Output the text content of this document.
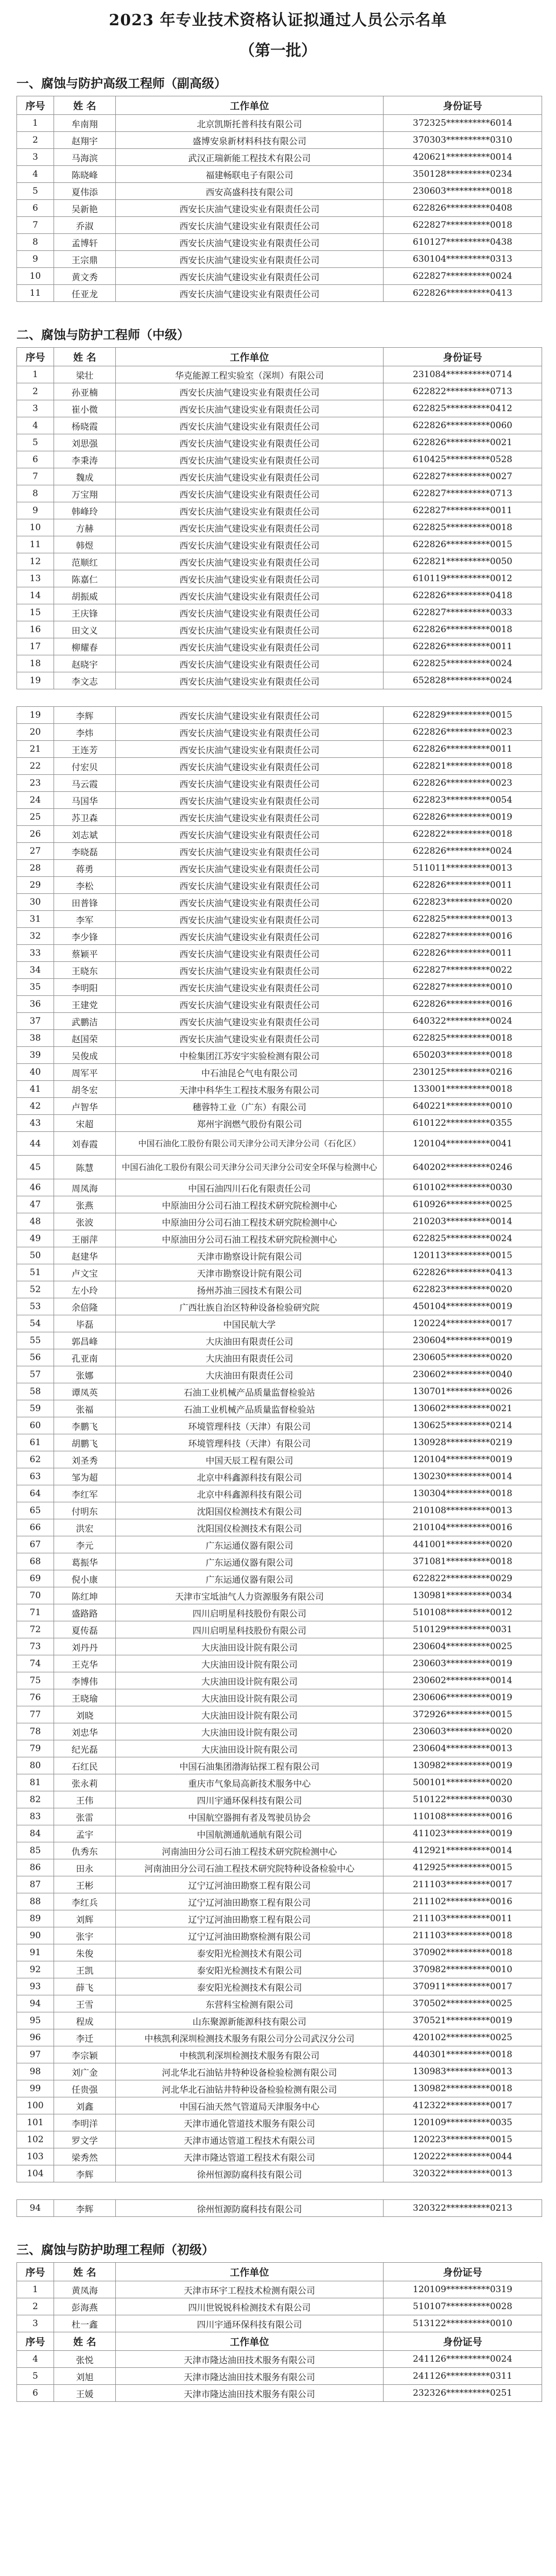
2023 年专业技术资格认证拟通过人员公示名单
（第一批）
一、腐蚀与防护高级工程师（副高级）
序号	姓 名	工作单位	身份证号
1	牟南翔	北京凯斯托普科技有限公司	372325**********6014
2	赵翔宇	盛博安泉新材料科技有限公司	370303**********0310
3	马海滨	武汉正瑞新能工程技术有限公司	420621**********0014
4	陈晓峰	福建畅联电子有限公司	350128**********0234
5	夏伟添	西安高盛科技有限公司	230603**********0018
6	吴新艳	西安长庆油气建设实业有限责任公司	622826**********0408
7	乔淑	西安长庆油气建设实业有限责任公司	622827**********0018
8	孟博轩	西安长庆油气建设实业有限责任公司	610127**********0438
9	王宗鼎	西安长庆油气建设实业有限责任公司	630104**********0313
10	黄文秀	西安长庆油气建设实业有限责任公司	622827**********0024
11	任亚龙	西安长庆油气建设实业有限责任公司	622826**********0413
二、腐蚀与防护工程师（中级）
序号	姓 名	工作单位	身份证号
1	梁壮	华克能源工程实验室（深圳）有限公司	231084**********0714
2	孙亚楠	西安长庆油气建设实业有限责任公司	622822**********0713
3	崔小微	西安长庆油气建设实业有限责任公司	622825**********0412
4	杨晓霞	西安长庆油气建设实业有限责任公司	622826**********0060
5	刘思强	西安长庆油气建设实业有限责任公司	622826**********0021
6	李秉涛	西安长庆油气建设实业有限责任公司	610425**********0528
7	魏成	西安长庆油气建设实业有限责任公司	622827**********0027
8	万宝翔	西安长庆油气建设实业有限责任公司	622827**********0713
9	韩峰玲	西安长庆油气建设实业有限责任公司	622827**********0011
10	方赫	西安长庆油气建设实业有限责任公司	622825**********0018
11	韩煜	西安长庆油气建设实业有限责任公司	622826**********0015
12	范顺红	西安长庆油气建设实业有限责任公司	622821**********0050
13	陈嘉仁	西安长庆油气建设实业有限责任公司	610119**********0012
14	胡振威	西安长庆油气建设实业有限责任公司	622826**********0418
15	王庆锋	西安长庆油气建设实业有限责任公司	622827**********0033
16	田文义	西安长庆油气建设实业有限责任公司	622826**********0018
17	柳耀春	西安长庆油气建设实业有限责任公司	622826**********0011
18	赵晓宇	西安长庆油气建设实业有限责任公司	622825**********0024
19	李文志	西安长庆油气建设实业有限责任公司	652828**********0024

19	李辉	西安长庆油气建设实业有限责任公司	622829**********0015
20	李炜	西安长庆油气建设实业有限责任公司	622826**********0023
21	王连芳	西安长庆油气建设实业有限责任公司	622826**********0011
22	付宏贝	西安长庆油气建设实业有限责任公司	622821**********0018
23	马云霞	西安长庆油气建设实业有限责任公司	622826**********0023
24	马国华	西安长庆油气建设实业有限责任公司	622823**********0054
25	苏卫森	西安长庆油气建设实业有限责任公司	622826**********0019
26	刘志斌	西安长庆油气建设实业有限责任公司	622822**********0018
27	李晓磊	西安长庆油气建设实业有限责任公司	622826**********0024
28	蒋勇	西安长庆油气建设实业有限责任公司	511011**********0013
29	李松	西安长庆油气建设实业有限责任公司	622826**********0011
30	田普锋	西安长庆油气建设实业有限责任公司	622823**********0020
31	李军	西安长庆油气建设实业有限责任公司	622825**********0013
32	李少锋	西安长庆油气建设实业有限责任公司	622827**********0016
33	蔡颖平	西安长庆油气建设实业有限责任公司	622826**********0011
34	王晓东	西安长庆油气建设实业有限责任公司	622827**********0022
35	李明阳	西安长庆油气建设实业有限责任公司	622827**********0010
36	王建党	西安长庆油气建设实业有限责任公司	622826**********0016
37	武鹏洁	西安长庆油气建设实业有限责任公司	640322**********0024
38	赵国荣	西安长庆油气建设实业有限责任公司	622825**********0018
39	吴俊成	中检集团江苏安宇实验检测有限公司	650203**********0018
40	周军平	中石油昆仑气电有限公司	230125**********0216
41	胡冬宏	天津中科华生工程技术服务有限公司	133001**********0018
42	卢智华	穗蓉特工业（广东）有限公司	640221**********0010
43	宋超	郑州宇润燃气股份有限公司	610122**********0355
44	刘春霞	中国石油化工股份有限公司天津分公司天津分公司（石化区）	120104**********0041
45	陈慧	中国石油化工股份有限公司天津分公司天津分公司安全环保与检测中心	640202**********0246
46	周凤海	中国石油四川石化有限责任公司	610102**********0030
47	张燕	中原油田分公司石油工程技术研究院检测中心	610926**********0025
48	张波	中原油田分公司石油工程技术研究院检测中心	210203**********0014
49	王丽萍	中原油田分公司石油工程技术研究院检测中心	622825**********0024
50	赵建华	天津市勘察设计院有限公司	120113**********0015
51	卢文宝	天津市勘察设计院有限公司	622826**********0413
52	左小玲	扬州苏油三园技术有限公司	622823**********0020
53	余倍隆	广西壮族自治区特种设备检验研究院	450104**********0019
54	毕磊	中国民航大学	120224**********0017
55	郭昌峰	大庆油田有限责任公司	230604**********0019
56	孔亚南	大庆油田有限责任公司	230605**********0020
57	张娜	大庆油田有限责任公司	230602**********0040
58	谭凤英	石油工业机械产品质量监督检验站	130701**********0026
59	张福	石油工业机械产品质量监督检验站	130602**********0021
60	李鹏飞	环境管理科技（天津）有限公司	130625**********0214
61	胡鹏飞	环境管理科技（天津）有限公司	130928**********0219
62	刘圣秀	中国天辰工程有限公司	120104**********0019
63	邹为超	北京中科鑫源科技有限公司	130230**********0014
64	李红军	北京中科鑫源科技有限公司	130304**********0018
65	付明东	沈阳国仪检测技术有限公司	210108**********0013
66	洪宏	沈阳国仪检测技术有限公司	210104**********0016
67	李元	广东运通仪器有限公司	441001**********0020
68	葛振华	广东运通仪器有限公司	371081**********0018
69	倪小康	广东运通仪器有限公司	622822**********0029
70	陈红坤	天津市宝坻油气人力资源服务有限公司	130981**********0034
71	盛路路	四川启明星科技股份有限公司	510108**********0012
72	夏传磊	四川启明星科技股份有限公司	510129**********0031
73	刘丹丹	大庆油田设计院有限公司	230604**********0025
74	王克华	大庆油田设计院有限公司	230603**********0019
75	李博伟	大庆油田设计院有限公司	230602**********0014
76	王晓瑜	大庆油田设计院有限公司	230606**********0019
77	刘晓	大庆油田设计院有限公司	372926**********0015
78	刘忠华	大庆油田设计院有限公司	230603**********0020
79	纪光磊	大庆油田设计院有限公司	230604**********0013
80	石红民	中国石油集团渤海钻探工程有限公司	130982**********0019
81	张永莉	重庆市气象局高新技术服务中心	500101**********0020
82	王伟	四川宇通环保科技有限公司	510122**********0030
83	张雷	中国航空器拥有者及驾驶员协会	110108**********0016
84	孟宇	中国航测通航通航有限公司	411023**********0019
85	仇秀东	河南油田分公司石油工程技术研究院检测中心	412921**********0014
86	田永	河南油田分公司石油工程技术研究院特种设备检验中心	412925**********0015
87	王彬	辽宁辽河油田勘察工程有限公司	211103**********0017
88	李红兵	辽宁辽河油田勘察工程有限公司	211102**********0016
89	刘辉	辽宁辽河油田勘察工程有限公司	211103**********0011
90	张宇	辽宁辽河油田勘察检测有限公司	211103**********0018
91	朱俊	泰安阳光检测技术有限公司	370902**********0018
92	王凯	泰安阳光检测技术有限公司	370982**********0010
93	薛飞	泰安阳光检测技术有限公司	370911**********0017
94	王雪	东营科宝检测有限公司	370502**********0025
95	程成	山东聚源新能源科技有限公司	370521**********0019
96	李迁	中核凯利深圳检测技术服务有限公司分公司武汉分公司	420102**********0025
97	李宗颖	中核凯利深圳检测技术服务有限公司	440301**********0018
98	刘广金	河北华北石油钻井特种设备检验检测有限公司	130983**********0013
99	任贵强	河北华北石油钻井特种设备检验检测有限公司	130982**********0018
100	刘鑫	中国石油天然气管道局天津服务中心	412322**********0017
101	李明洋	天津市通化管道技术服务有限公司	120109**********0035
102	罗文学	天津市通达管道工程技术有限公司	120223**********0015
103	梁秀然	天津市隆达管道工程技术有限公司	120222**********0044
104	李辉	徐州恒源防腐科技有限公司	320322**********0013

94	李辉	徐州恒源防腐科技有限公司	320322**********0213
三、腐蚀与防护助理工程师（初级）
序号	姓 名	工作单位	身份证号
1	黄凤海	天津市环宇工程技术检测有限公司	120109**********0319
2	彭海燕	四川世锐锐科检测技术有限公司	510107**********0028
3	杜一鑫	四川宇通环保科技有限公司	513122**********0010
序号	姓 名	工作单位	身份证号
4	张悦	天津市隆达油田技术服务有限公司	241126**********0024
5	刘旭	天津市隆达油田技术服务有限公司	241126**********0311
6	王媛	天津市隆达油田技术服务有限公司	232326**********0251
